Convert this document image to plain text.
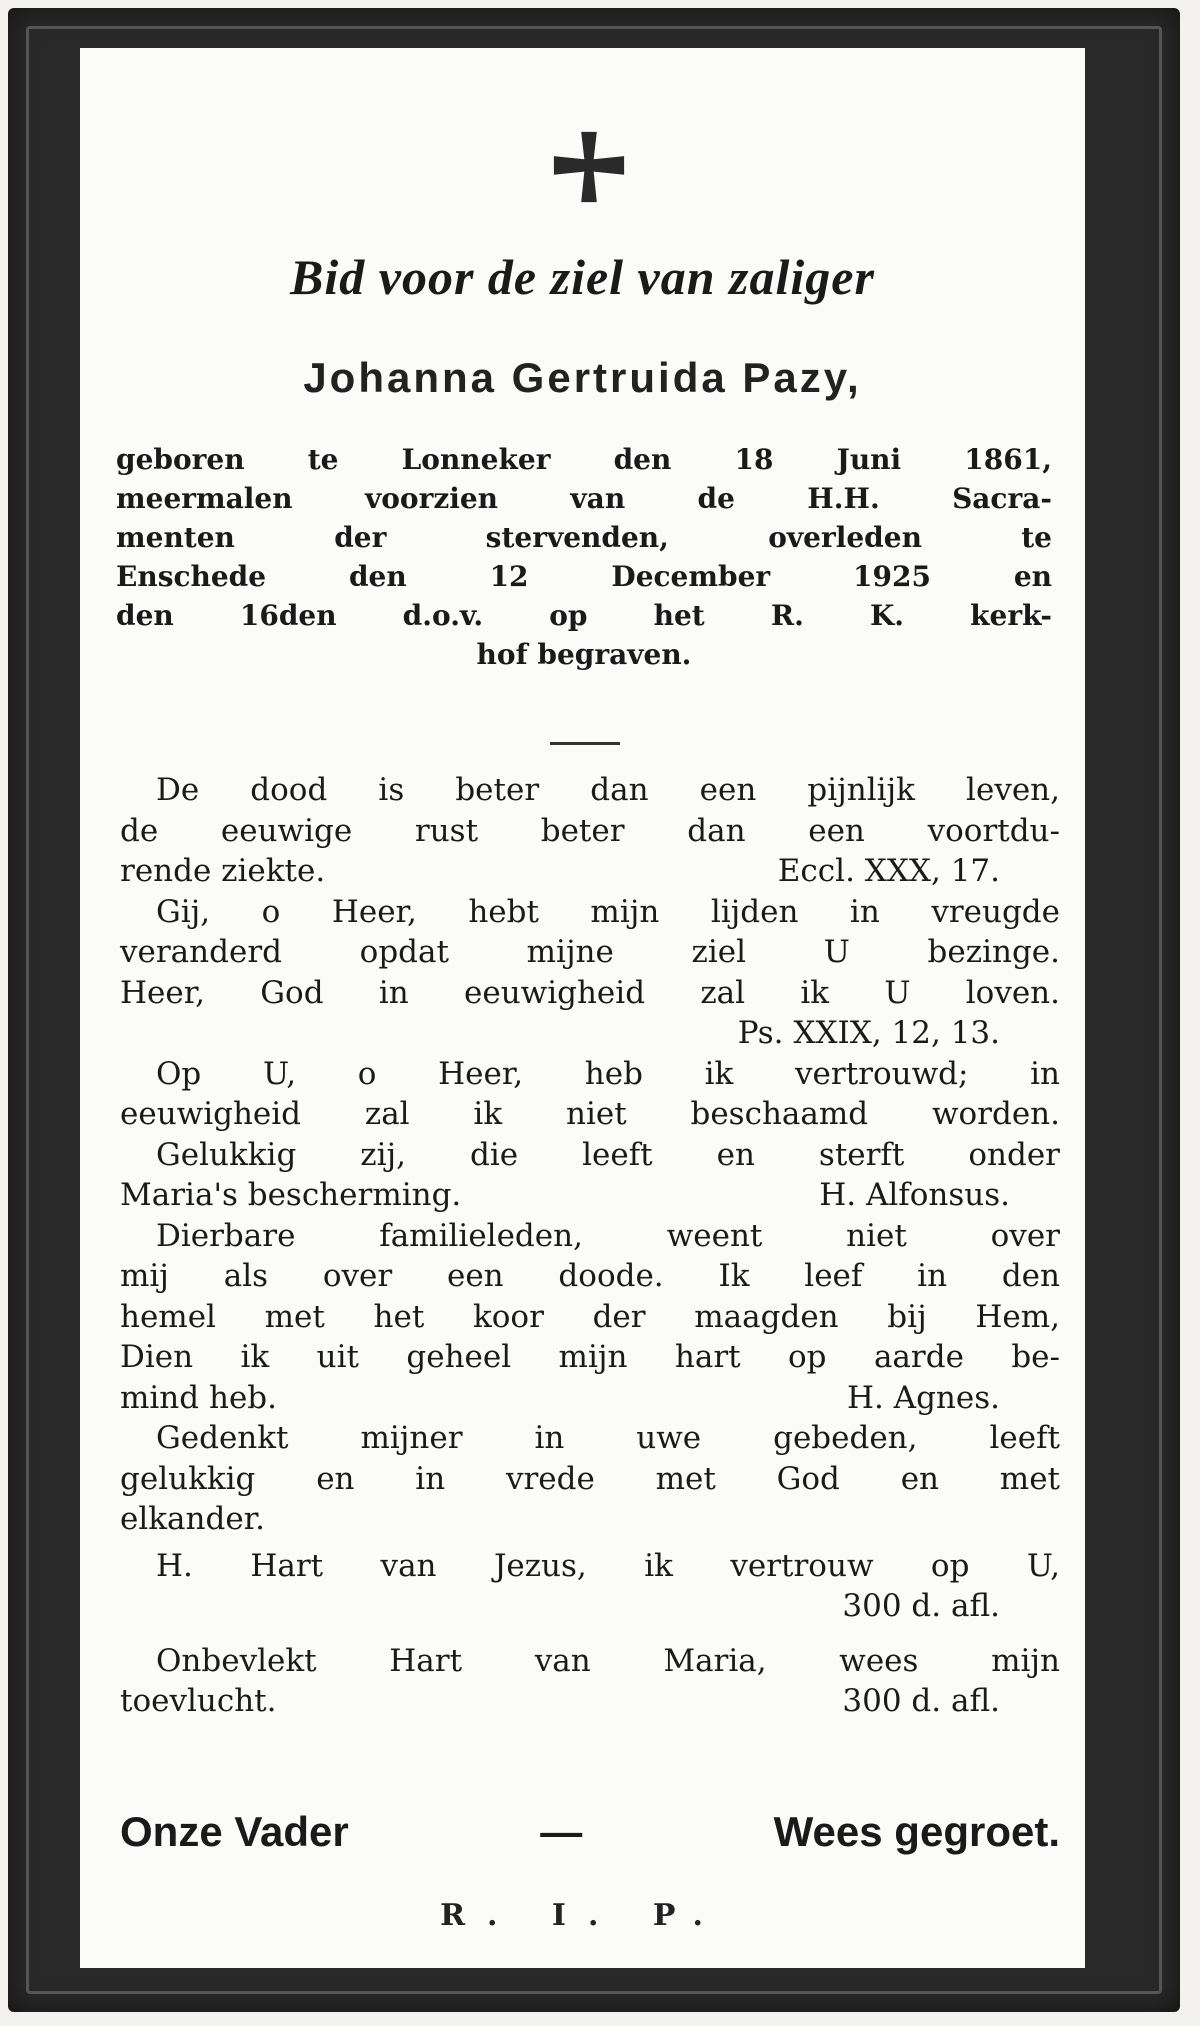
Bid voor de ziel van zaliger
Johanna Gertruida Pazy,
geboren te Lonneker den 18 Juni 1861,
meermalen voorzien van de H.H. Sacra-
menten der stervenden, overleden te
Enschede den 12 December 1925 en
den 16den d.o.v. op het R. K. kerk-
hof begraven.
De dood is beter dan een pijnlijk leven,
de eeuwige rust beter dan een voortdu-
rende ziekte.	Eccl. XXX, 17.
Gij, o Heer, hebt mijn lijden in vreugde
veranderd opdat mijne ziel U bezinge.
Heer, God in eeuwigheid zal ik U loven.
Ps. XXIX, 12, 13.
Op U, o Heer, heb ik vertrouwd; in
eeuwigheid zal ik niet beschaamd worden.
Gelukkig zij, die leeft en sterft onder
Maria's bescherming.	H. Alfonsus.
Dierbare familieleden, weent niet over
mij als over een doode. Ik leef in den
hemel met het koor der maagden bij Hem,
Dien ik uit geheel mijn hart op aarde be-
mind heb.	H. Agnes.
Gedenkt mijner in uwe gebeden, leeft
gelukkig en in vrede met God en met
elkander.
H. Hart van Jezus, ik vertrouw op U,
300 d. afl.
Onbevlekt Hart van Maria, wees mijn
toevlucht.	300 d. afl.
Onze Vader	—	Wees gegroet.
R. I. P.
